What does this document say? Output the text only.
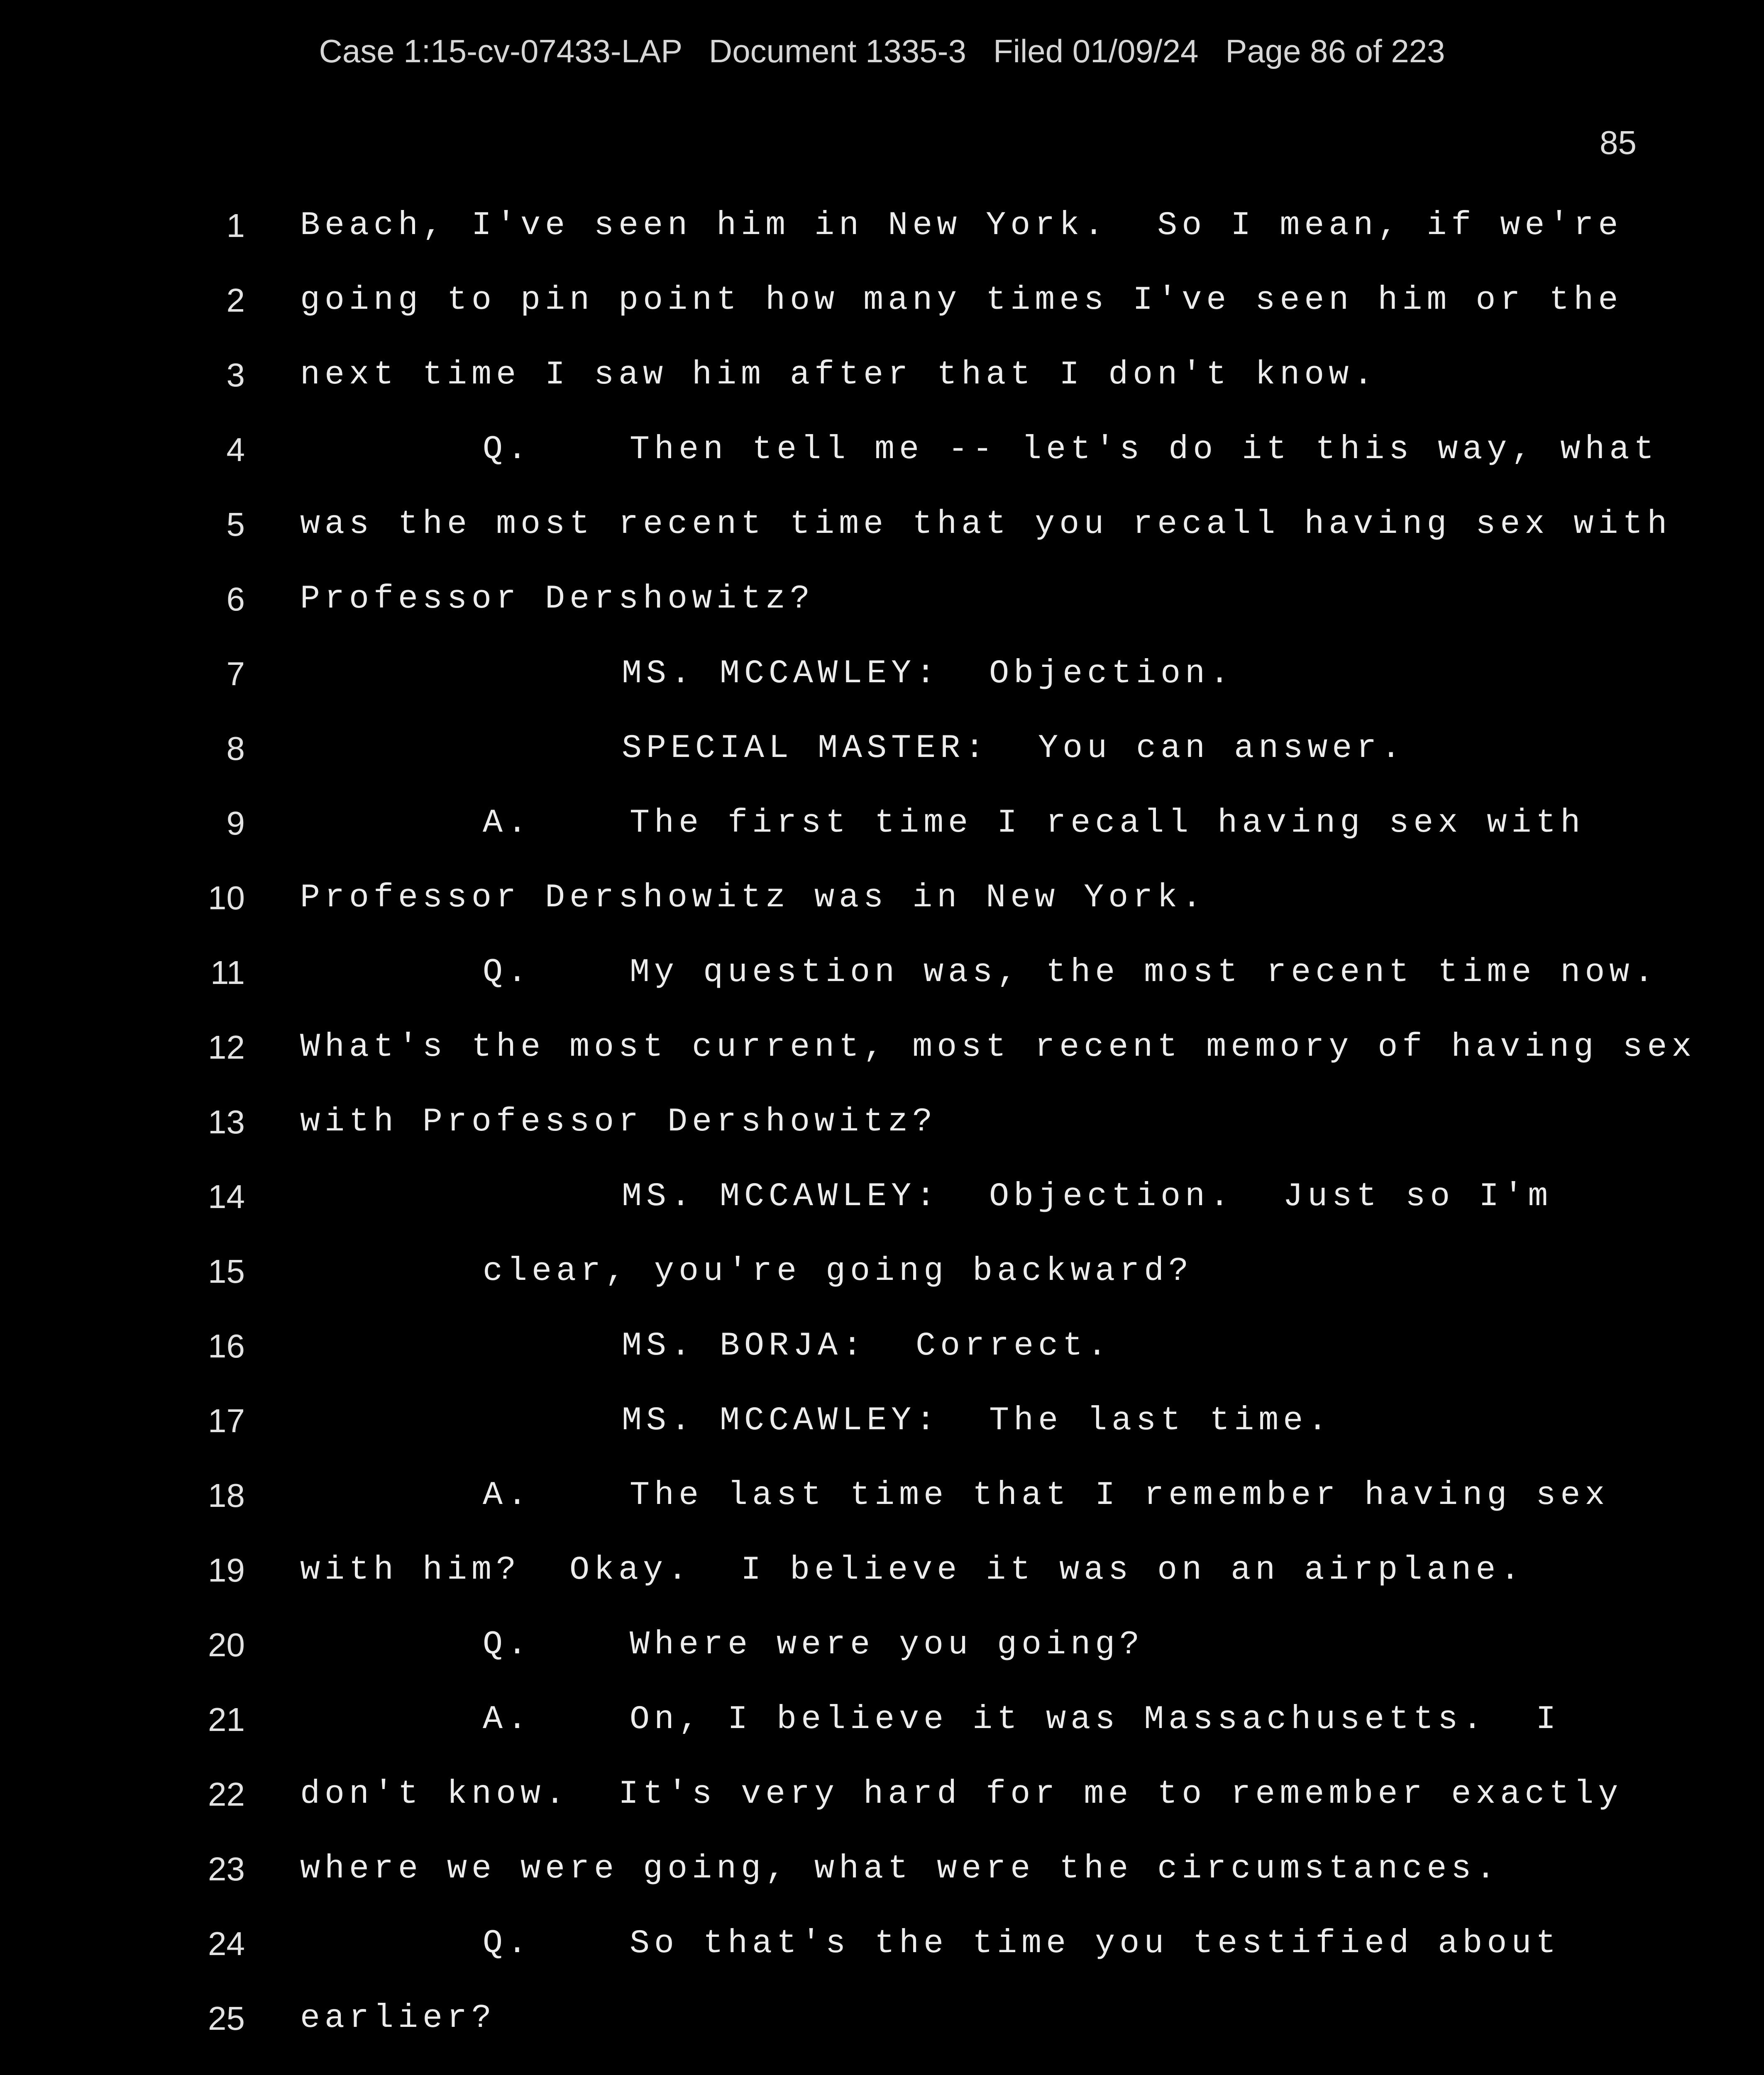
Case 1:15-cv-07433-LAP   Document 1335-3   Filed 01/09/24   Page 86 of 223
85
1 Beach, I've seen him in New York.  So I mean, if we're
2 going to pin point how many times I've seen him or the
3 next time I saw him after that I don't know.
4	Q.    Then tell me -- let's do it this way, what
5 was the most recent time that you recall having sex with
6 Professor Dershowitz?
7	MS. MCCAWLEY:  Objection.
8	SPECIAL MASTER:  You can answer.
9	A.    The first time I recall having sex with
10 Professor Dershowitz was in New York.
11	Q.    My question was, the most recent time now.
12 What's the most current, most recent memory of having sex
13 with Professor Dershowitz?
14	MS. MCCAWLEY:  Objection.  Just so I'm
15	clear, you're going backward?
16	MS. BORJA:  Correct.
17	MS. MCCAWLEY:  The last time.
18	A.    The last time that I remember having sex
19 with him?  Okay.  I believe it was on an airplane.
20	Q.    Where were you going?
21	A.    On, I believe it was Massachusetts.  I
22 don't know.  It's very hard for me to remember exactly
23 where we were going, what were the circumstances.
24	Q.    So that's the time you testified about
25 earlier?
